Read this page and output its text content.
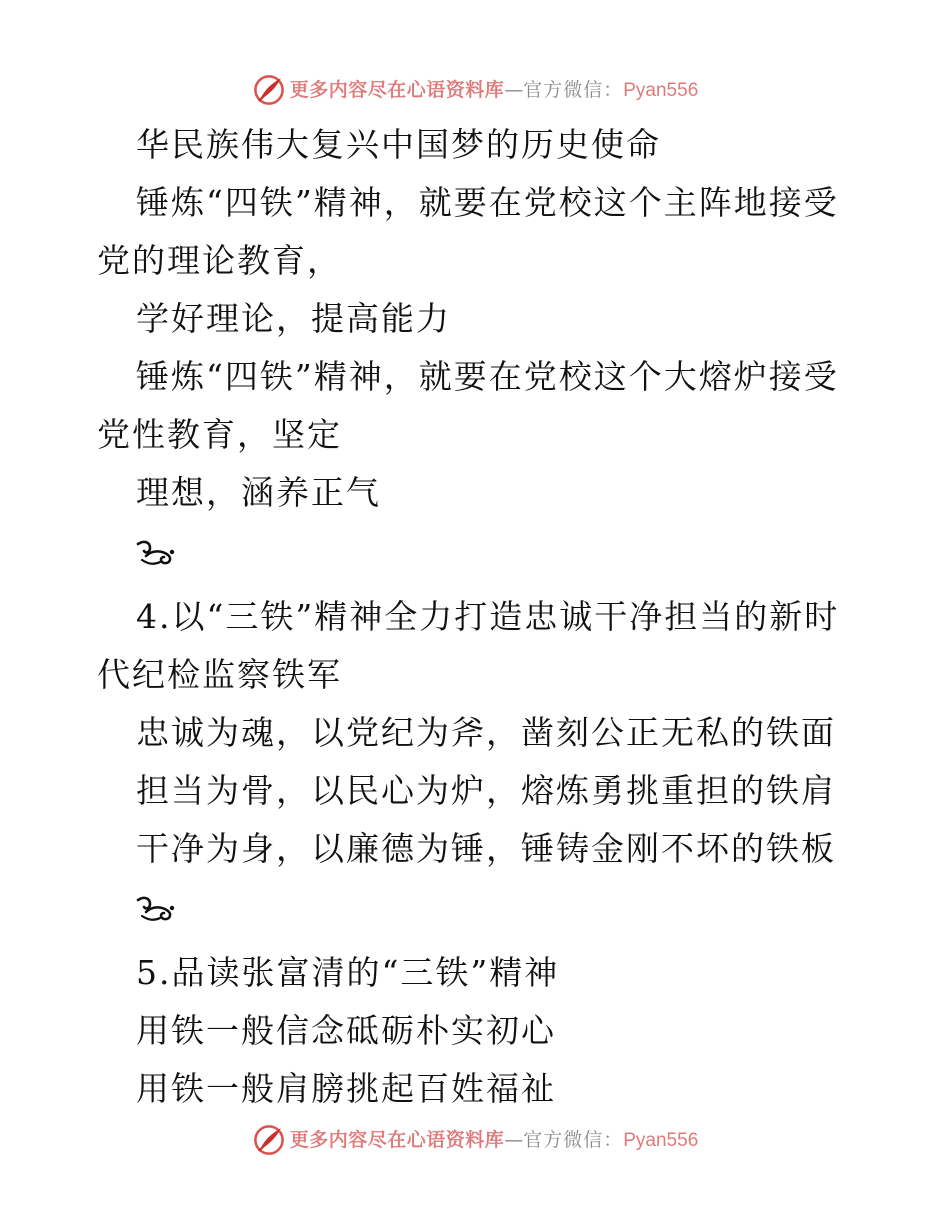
更多内容尽在心语资料库 — 官方微信： Pyan556
华民族伟大复兴中国梦的历史使命
锤炼“四铁”精神，就要在党校这个主阵地接受
党的理论教育，
学好理论，提高能力
锤炼“四铁”精神，就要在党校这个大熔炉接受
党性教育，坚定
理想，涵养正气
4.以“三铁”精神全力打造忠诚干净担当的新时
代纪检监察铁军
忠诚为魂，以党纪为斧，凿刻公正无私的铁面
担当为骨，以民心为炉，熔炼勇挑重担的铁肩
干净为身，以廉德为锤，锤铸金刚不坏的铁板
5.品读张富清的“三铁”精神
用铁一般信念砥砺朴实初心
用铁一般肩膀挑起百姓福祉
更多内容尽在心语资料库 — 官方微信： Pyan556
